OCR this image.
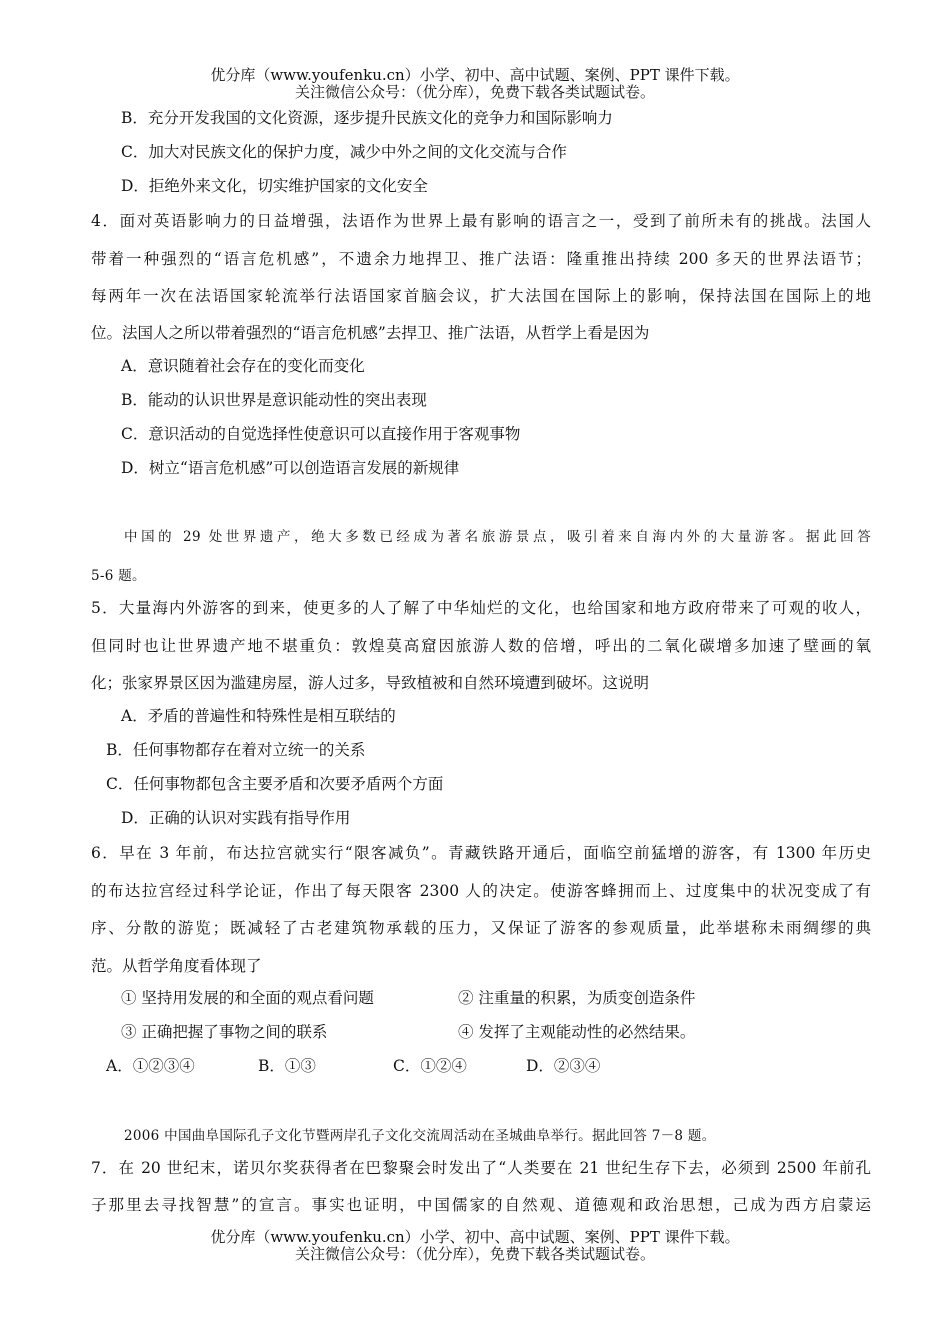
优分库（www.youfenku.cn）小学、初中、高中试题、案例、PPT 课件下载。
关注微信公众号：（优分库），免费下载各类试题试卷。
B．充分开发我国的文化资源，逐步提升民族文化的竞争力和国际影响力
C．加大对民族文化的保护力度，减少中外之间的文化交流与合作
D．拒绝外来文化，切实维护国家的文化安全
4．面对英语影响力的日益增强，法语作为世界上最有影响的语言之一，受到了前所未有的挑战。法国人
带着一种强烈的“语言危机感”，不遗余力地捍卫、推广法语：隆重推出持续 200 多天的世界法语节；
每两年一次在法语国家轮流举行法语国家首脑会议，扩大法国在国际上的影响，保持法国在国际上的地
位。法国人之所以带着强烈的“语言危机感”去捍卫、推广法语，从哲学上看是因为
A．意识随着社会存在的变化而变化
B．能动的认识世界是意识能动性的突出表现
C．意识活动的自觉选择性使意识可以直接作用于客观事物
D．树立“语言危机感”可以创造语言发展的新规律
中国的 29 处世界遗产，绝大多数已经成为著名旅游景点，吸引着来自海内外的大量游客。据此回答
5-6 题。
5．大量海内外游客的到来，使更多的人了解了中华灿烂的文化，也给国家和地方政府带来了可观的收人，
但同时也让世界遗产地不堪重负：敦煌莫高窟因旅游人数的倍增，呼出的二氧化碳增多加速了壁画的氧
化；张家界景区因为滥建房屋，游人过多，导致植被和自然环境遭到破坏。这说明
A．矛盾的普遍性和特殊性是相互联结的
B．任何事物都存在着对立统一的关系
C．任何事物都包含主要矛盾和次要矛盾两个方面
D．正确的认识对实践有指导作用
6．早在 3 年前，布达拉宫就实行“限客减负”。青藏铁路开通后，面临空前猛增的游客，有 1300 年历史
的布达拉宫经过科学论证，作出了每天限客 2300 人的决定。使游客蜂拥而上、过度集中的状况变成了有
序、分散的游览；既减轻了古老建筑物承载的压力，又保证了游客的参观质量，此举堪称未雨绸缪的典
范。从哲学角度看体现了
① 坚持用发展的和全面的观点看问题	② 注重量的积累，为质变创造条件
③ 正确把握了事物之间的联系	④ 发挥了主观能动性的必然结果。
A．①②③④	B．①③	C．①②④	D．②③④
2006 中国曲阜国际孔子文化节暨两岸孔子文化交流周活动在圣城曲阜举行。据此回答 7－8 题。
7．在 20 世纪末，诺贝尔奖获得者在巴黎聚会时发出了“人类要在 21 世纪生存下去，必须到 2500 年前孔
子那里去寻找智慧”的宣言。事实也证明，中国儒家的自然观、道德观和政治思想，己成为西方启蒙运
优分库（www.youfenku.cn）小学、初中、高中试题、案例、PPT 课件下载。
关注微信公众号：（优分库），免费下载各类试题试卷。
